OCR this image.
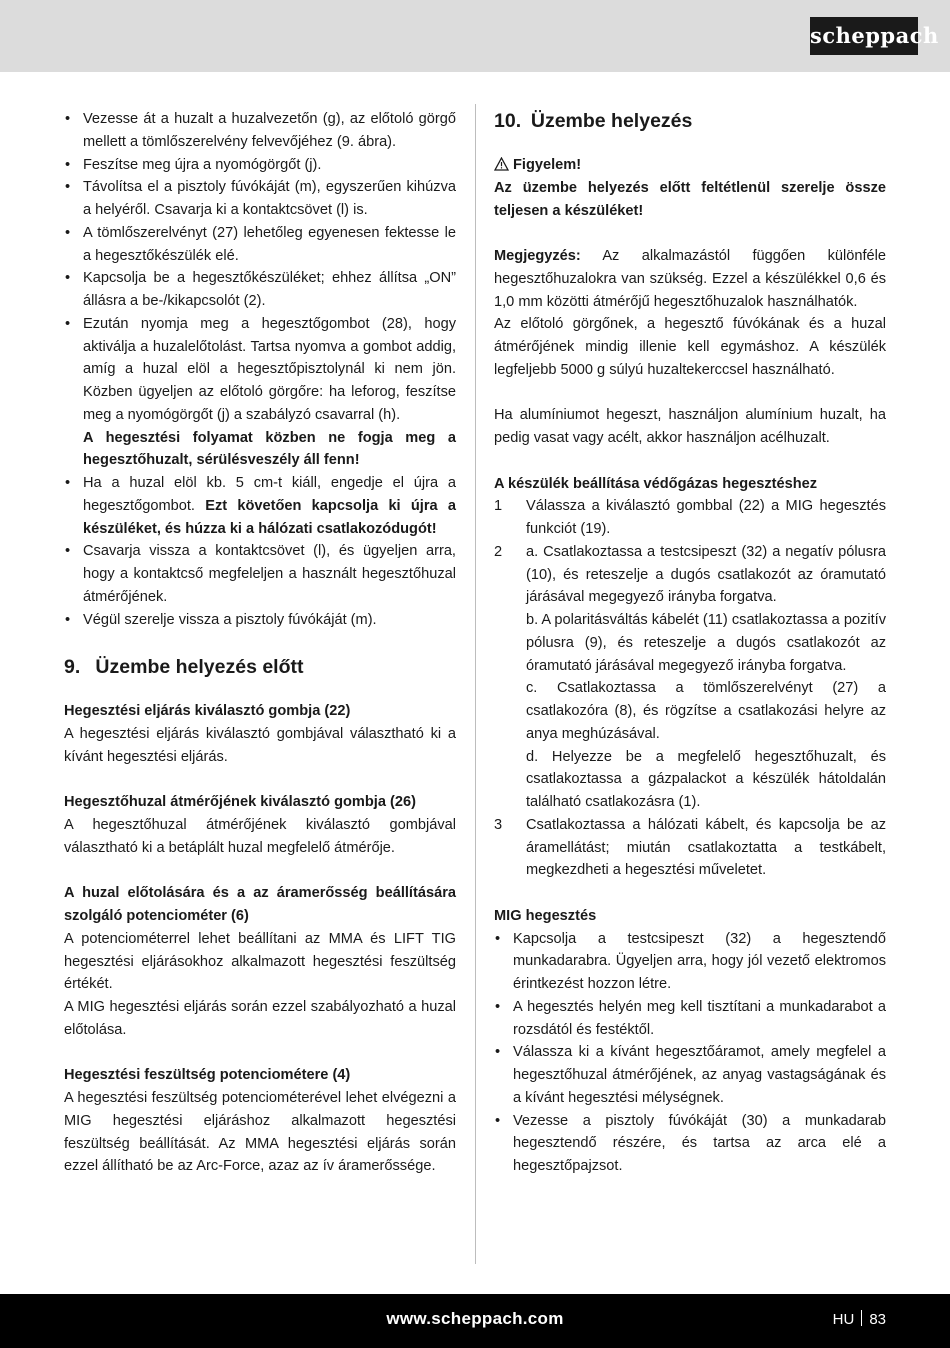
scheppach
• Vezesse át a huzalt a huzalvezetőn (g), az előtoló görgő mellett a tömlőszerelvény felvevőjéhez (9. ábra).
• Feszítse meg újra a nyomógörgőt (j).
• Távolítsa el a pisztoly fúvókáját (m), egyszerűen kihúzva a helyéről. Csavarja ki a kontaktcsövet (l) is.
• A tömlőszerelvényt (27) lehetőleg egyenesen fektesse le a hegesztőkészülék elé.
• Kapcsolja be a hegesztőkészüléket; ehhez állítsa „ON” állásra a be-/kikapcsolót (2).
• Ezután nyomja meg a hegesztőgombot (28), hogy aktiválja a huzalelőtolást. Tartsa nyomva a gombot addig, amíg a huzal elöl a hegesztőpisztolynál ki nem jön. Közben ügyeljen az előtoló görgőre: ha leforog, feszítse meg a nyomógörgőt (j) a szabályzó csavarral (h).
A hegesztési folyamat közben ne fogja meg a hegesztőhuzalt, sérülésveszély áll fenn!
• Ha a huzal elöl kb. 5 cm-t kiáll, engedje el újra a hegesztőgombot. Ezt követően kapcsolja ki újra a készüléket, és húzza ki a hálózati csatlakozódugót!
• Csavarja vissza a kontaktcsövet (l), és ügyeljen arra, hogy a kontaktcső megfeleljen a használt hegesztőhuzal átmérőjének.
• Végül szerelje vissza a pisztoly fúvókáját (m).
9.  Üzembe helyezés előtt
Hegesztési eljárás kiválasztó gombja (22)
A hegesztési eljárás kiválasztó gombjával választható ki a kívánt hegesztési eljárás.
Hegesztőhuzal átmérőjének kiválasztó gombja (26)
A hegesztőhuzal átmérőjének kiválasztó gombjával választható ki a betáplált huzal megfelelő átmérője.
A huzal előtolására és a az áramerősség beállítására szolgáló potenciométer (6)
A potenciométerrel lehet beállítani az MMA és LIFT TIG hegesztési eljárásokhoz alkalmazott hegesztési feszültség értékét.
A MIG hegesztési eljárás során ezzel szabályozható a huzal előtolása.
Hegesztési feszültség potenciométere (4)
A hegesztési feszültség potenciométerével lehet elvégezni a MIG hegesztési eljáráshoz alkalmazott hegesztési feszültség beállítását. Az MMA hegesztési eljárás során ezzel állítható be az Arc-Force, azaz az ív áramerőssége.
10. Üzembe helyezés
Figyelem!
Az üzembe helyezés előtt feltétlenül szerelje össze teljesen a készüléket!
Megjegyzés: Az alkalmazástól függően különféle hegesztőhuzalokra van szükség. Ezzel a készülékkel 0,6 és 1,0 mm közötti átmérőjű hegesztőhuzalok használhatók.
Az előtoló görgőnek, a hegesztő fúvókának és a huzal átmérőjének mindig illenie kell egymáshoz. A készülék legfeljebb 5000 g súlyú huzaltekerccsel használható.
Ha alumíniumot hegeszt, használjon alumínium huzalt, ha pedig vasat vagy acélt, akkor használjon acélhuzalt.
A készülék beállítása védőgázas hegesztéshez
1 Válassza a kiválasztó gombbal (22) a MIG hegesztés funkciót (19).
2 a. Csatlakoztassa a testcsipeszt (32) a negatív pólusra (10), és reteszelje a dugós csatlakozót az óramutató járásával megegyező irányba forgatva.
b. A polaritásváltás kábelét (11) csatlakoztassa a pozitív pólusra (9), és reteszelje a dugós csatlakozót az óramutató járásával megegyező irányba forgatva.
c. Csatlakoztassa a tömlőszerelvényt (27) a csatlakozóra (8), és rögzítse a csatlakozási helyre az anya meghúzásával.
d. Helyezze be a megfelelő hegesztőhuzalt, és csatlakoztassa a gázpalackot a készülék hátoldalán található csatlakozásra (1).
3 Csatlakoztassa a hálózati kábelt, és kapcsolja be az áramellátást; miután csatlakoztatta a testkábelt, megkezdheti a hegesztési műveletet.
MIG hegesztés
• Kapcsolja a testcsipeszt (32) a hegesztendő munkadarabra. Ügyeljen arra, hogy jól vezető elektromos érintkezést hozzon létre.
• A hegesztés helyén meg kell tisztítani a munkadarabot a rozsdától és festéktől.
• Válassza ki a kívánt hegesztőáramot, amely megfelel a hegesztőhuzal átmérőjének, az anyag vastagságának és a kívánt hegesztési mélységnek.
• Vezesse a pisztoly fúvókáját (30) a munkadarab hegesztendő részére, és tartsa az arca elé a hegesztőpajzsot.
www.scheppach.com	HU 83
